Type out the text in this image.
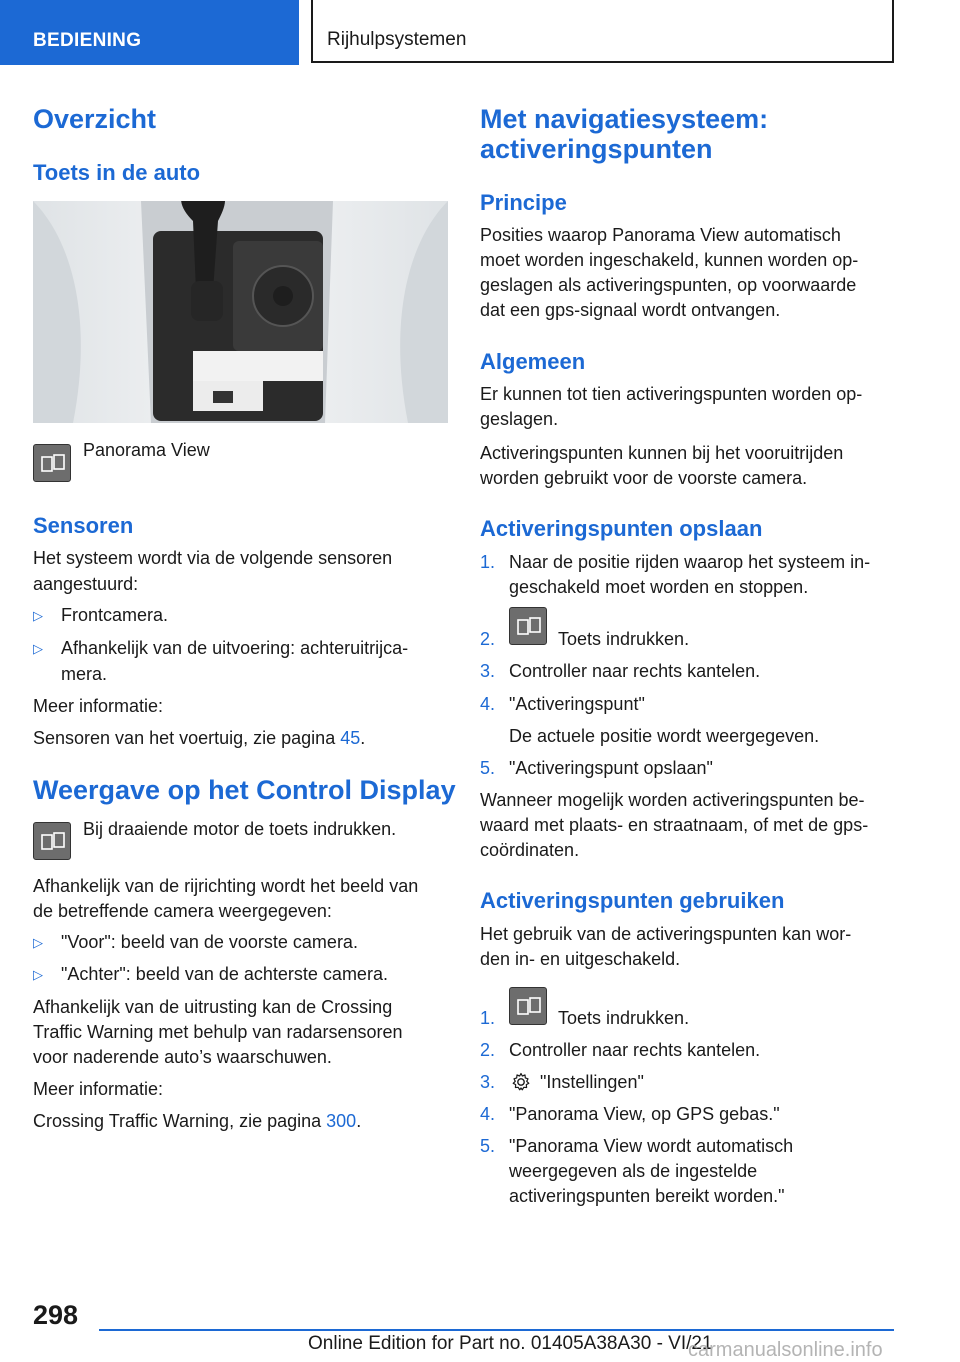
BEDIENING	Rijhulpsystemen
Overzicht
Toets in de auto

Panorama View

Sensoren

Het systeem wordt via de volgende sensoren aangestuurd:

▷ Frontcamera.

▷ Afhankelijk van de uitvoering: achteruitrijca-

mera.

Meer informatie:

Sensoren van het voertuig, zie pagina 45.

Weergave op het Control Display

Bij draaiende motor de toets indrukken.

Afhankelijk van de rijrichting wordt het beeld van

de betreffende camera weergegeven:

▷ "Voor": beeld van de voorste camera.

▷ "Achter": beeld van de achterste camera.

Afhankelijk van de uitrusting kan de Crossing

Traffic Warning met behulp van radarsensoren

voor naderende auto’s waarschuwen.

Meer informatie:

Crossing Traffic Warning, zie pagina 300.

Met navigatiesysteem:
activeringspunten
Principe

Posities waarop Panorama View automatisch

moet worden ingeschakeld, kunnen worden op-

geslagen als activeringspunten, op voorwaarde

dat een gps-signaal wordt ontvangen.

Algemeen

Er kunnen tot tien activeringspunten worden op-

geslagen.

Activeringspunten kunnen bij het vooruitrijden

worden gebruikt voor de voorste camera.

Activeringspunten opslaan
1. Naar de positie rijden waarop het systeem in-

geschakeld moet worden en stoppen.

2.	Toets indrukken.

3. Controller naar rechts kantelen.

4. "Activeringspunt"

De actuele positie wordt weergegeven.

5. "Activeringspunt opslaan"

Wanneer mogelijk worden activeringspunten be-

waard met plaats- en straatnaam, of met de gps-

coördinaten.

Activeringspunten gebruiken

Het gebruik van de activeringspunten kan wor-

den in- en uitgeschakeld.

1.	Toets indrukken.

2. Controller naar rechts kantelen.

3. "Instellingen"

4. "Panorama View, op GPS gebas."

5. "Panorama View wordt automatisch

weergegeven als de ingestelde

activeringspunten bereikt worden."

298
Online Edition for Part no. 01405A38A30 - VI/21
carmanualsonline.info
